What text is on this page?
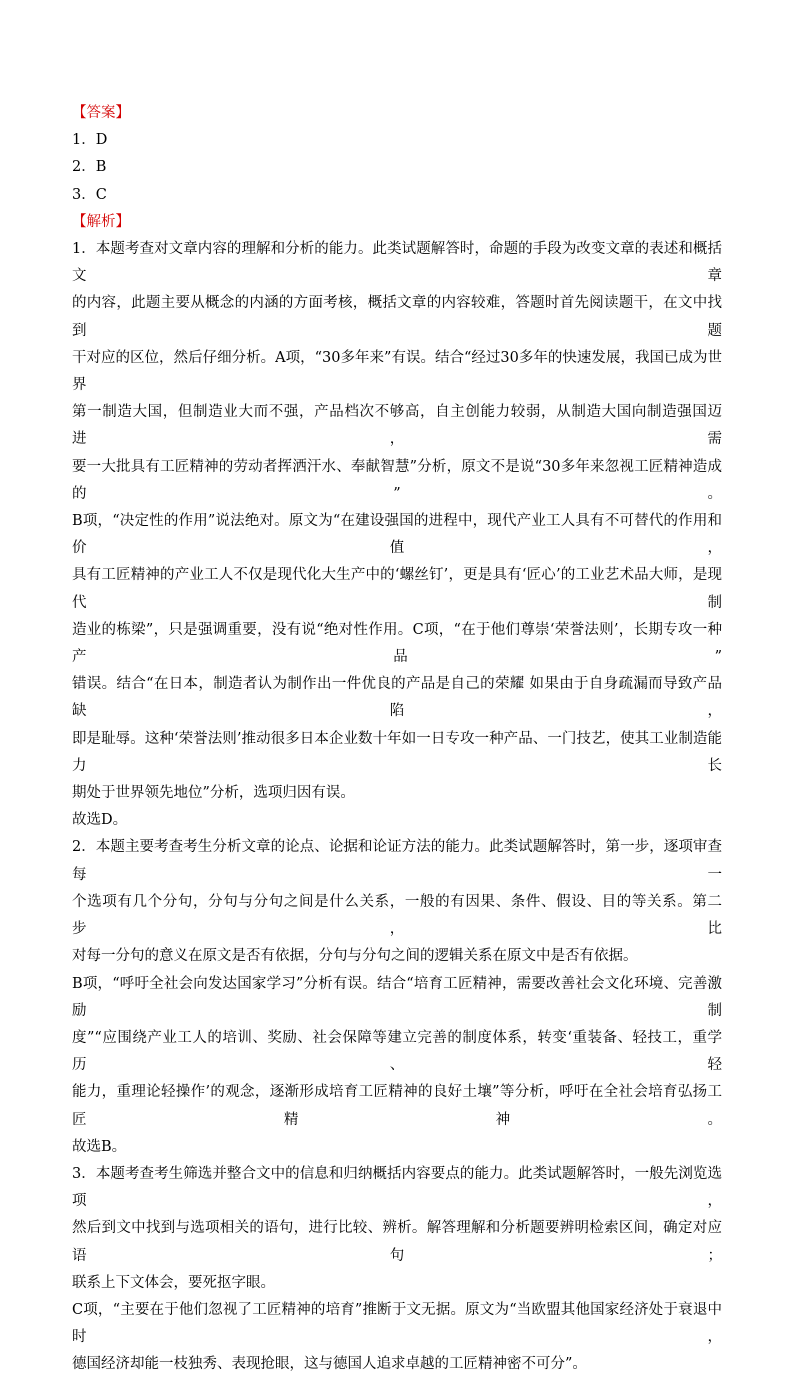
【答案】
1．D
2．B
3．C
【解析】
1．本题考查对文章内容的理解和分析的能力。此类试题解答时，命题的手段为改变文章的表述和概括文章
的内容，此题主要从概念的内涵的方面考核，概括文章的内容较难，答题时首先阅读题干，在文中找到题
干对应的区位，然后仔细分析。A项，“30多年来”有误。结合“经过30多年的快速发展，我国已成为世界
第一制造大国，但制造业大而不强，产品档次不够高，自主创能力较弱，从制造大国向制造强国迈进，需
要一大批具有工匠精神的劳动者挥洒汗水、奉献智慧”分析，原文不是说“30多年来忽视工匠精神造成的”。
B项，“决定性的作用”说法绝对。原文为“在建设强国的进程中，现代产业工人具有不可替代的作用和价值，
具有工匠精神的产业工人不仅是现代化大生产中的‘螺丝钉’，更是具有‘匠心’的工业艺术品大师，是现代制
造业的栋梁”，只是强调重要，没有说“绝对性作用。C项，“在于他们尊崇‘荣誉法则’，长期专攻一种产品”
错误。结合“在日本，制造者认为制作出一件优良的产品是自己的荣耀 如果由于自身疏漏而导致产品缺陷，
即是耻辱。这种‘荣誉法则’推动很多日本企业数十年如一日专攻一种产品、一门技艺，使其工业制造能力长
期处于世界领先地位”分析，选项归因有误。
故选D。
2．本题主要考查考生分析文章的论点、论据和论证方法的能力。此类试题解答时，第一步，逐项审查每一
个选项有几个分句，分句与分句之间是什么关系，一般的有因果、条件、假设、目的等关系。第二步，比
对每一分句的意义在原文是否有依据，分句与分句之间的逻辑关系在原文中是否有依据。
B项，“呼吁全社会向发达国家学习”分析有误。结合“培育工匠精神，需要改善社会文化环境、完善激励制
度”“应围绕产业工人的培训、奖励、社会保障等建立完善的制度体系，转变‘重装备、轻技工，重学历、轻
能力，重理论轻操作’的观念，逐渐形成培育工匠精神的良好土壤”等分析，呼吁在全社会培育弘扬工匠精神。
故选B。
3．本题考查考生筛选并整合文中的信息和归纳概括内容要点的能力。此类试题解答时，一般先浏览选项，
然后到文中找到与选项相关的语句，进行比较、辨析。解答理解和分析题要辨明检索区间，确定对应语句；
联系上下文体会，要死抠字眼。
C项，“主要在于他们忽视了工匠精神的培育”推断于文无据。原文为“当欧盟其他国家经济处于衰退中时，
德国经济却能一枝独秀、表现抢眼，这与德国人追求卓越的工匠精神密不可分”。
